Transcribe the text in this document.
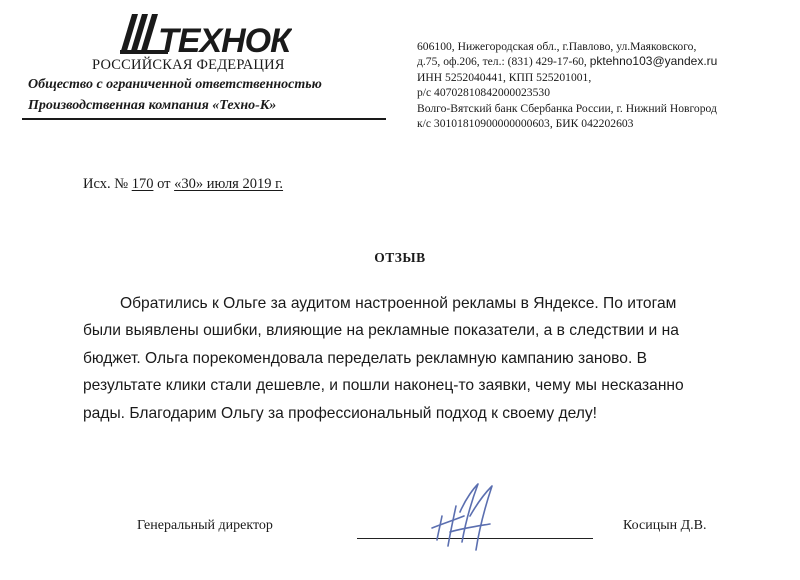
ТЕХНОК
РОССИЙСКАЯ ФЕДЕРАЦИЯ
Общество с ограниченной ответственностью
Производственная компания «Техно-К»
606100, Нижегородская обл., г.Павлово, ул.Маяковского,
д.75, оф.206, тел.: (831) 429-17-60, pktehno103@yandex.ru
ИНН 5252040441, КПП 525201001,
р/с 40702810842000023530
Волго-Вятский банк Сбербанка России, г. Нижний Новгород
к/с 30101810900000000603, БИК 042202603
Исх. № 170 от «30» июля 2019 г.
ОТЗЫВ
Обратились к Ольге за аудитом настроенной рекламы в Яндексе. По итогам
были выявлены ошибки, влияющие на рекламные показатели, а в следствии и на
бюджет. Ольга порекомендовала переделать рекламную кампанию заново. В
результате клики стали дешевле, и пошли наконец-то заявки, чему мы несказанно
рады. Благодарим Ольгу за профессиональный подход к своему делу!
Генеральный директор	Косицын Д.В.
